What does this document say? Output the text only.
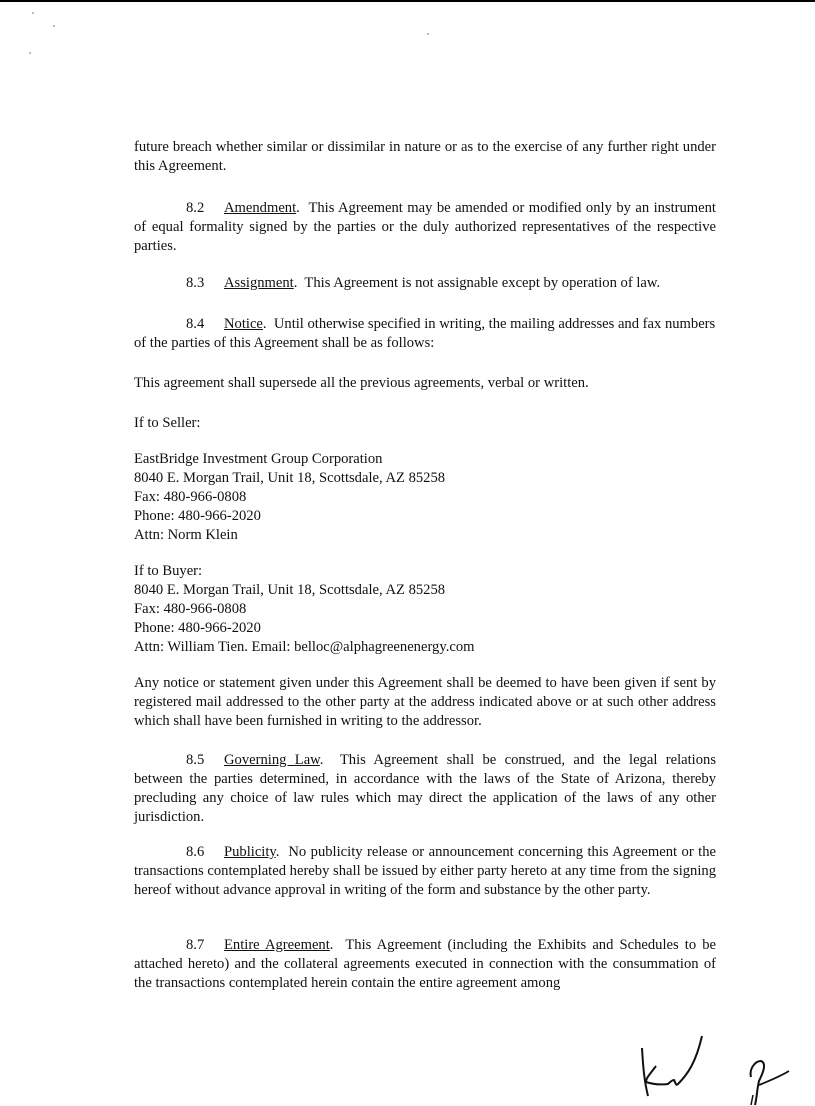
future breach whether similar or dissimilar in nature or as to the exercise of any further right under this Agreement.

8.2 Amendment.  This Agreement may be amended or modified only by an instrument of equal formality signed by the parties or the duly authorized representatives of the respective parties.

8.3 Assignment.  This Agreement is not assignable except by operation of law.

8.4 Notice.  Until otherwise specified in writing, the mailing addresses and fax numbers of the parties of this Agreement shall be as follows:

This agreement shall supersede all the previous agreements, verbal or written.

If to Seller:

EastBridge Investment Group Corporation
8040 E. Morgan Trail, Unit 18, Scottsdale, AZ 85258
Fax: 480-966-0808
Phone: 480-966-2020
Attn: Norm Klein
If to Buyer:
8040 E. Morgan Trail, Unit 18, Scottsdale, AZ 85258
Fax: 480-966-0808
Phone: 480-966-2020
Attn: William Tien. Email: belloc@alphagreenenergy.com

Any notice or statement given under this Agreement shall be deemed to have been given if sent by registered mail addressed to the other party at the address indicated above or at such other address which shall have been furnished in writing to the addressor.

8.5 Governing Law.  This Agreement shall be construed, and the legal relations between the parties determined, in accordance with the laws of the State of Arizona, thereby precluding any choice of law rules which may direct the application of the laws of any other jurisdiction.

8.6 Publicity.  No publicity release or announcement concerning this Agreement or the transactions contemplated hereby shall be issued by either party hereto at any time from the signing hereof without advance approval in writing of the form and substance by the other party.

8.7 Entire Agreement.  This Agreement (including the Exhibits and Schedules to be attached hereto) and the collateral agreements executed in connection with the consummation of the transactions contemplated herein contain the entire agreement among
